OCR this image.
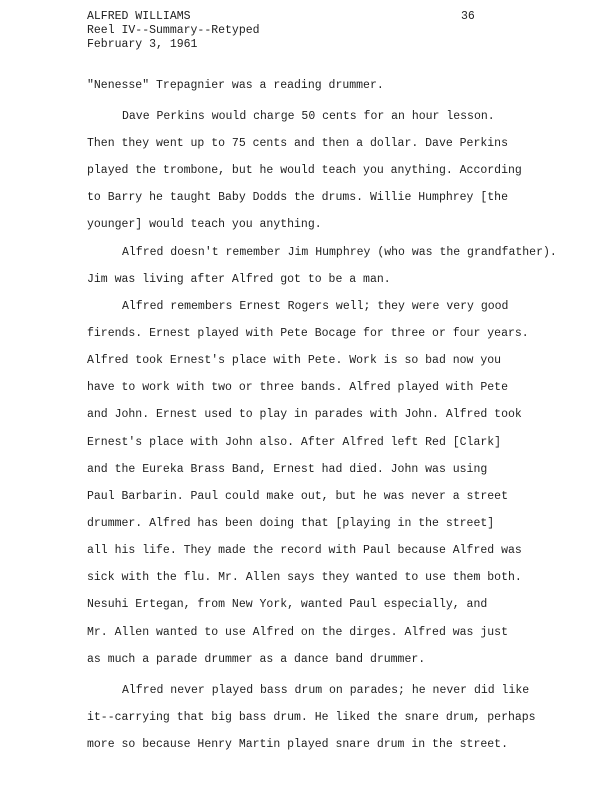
ALFRED WILLIAMS
Reel IV--Summary--Retyped
February 3, 1961
36
"Nenesse" Trepagnier was a reading drummer.
Dave Perkins would charge 50 cents for an hour lesson.
Then they went up to 75 cents and then a dollar. Dave Perkins
played the trombone, but he would teach you anything. According
to Barry he taught Baby Dodds the drums. Willie Humphrey [the
younger] would teach you anything.
Alfred doesn't remember Jim Humphrey (who was the grandfather).
Jim was living after Alfred got to be a man.
Alfred remembers Ernest Rogers well; they were very good
firends. Ernest played with Pete Bocage for three or four years.
Alfred took Ernest's place with Pete. Work is so bad now you
have to work with two or three bands. Alfred played with Pete
and John. Ernest used to play in parades with John. Alfred took
Ernest's place with John also. After Alfred left Red [Clark]
and the Eureka Brass Band, Ernest had died. John was using
Paul Barbarin. Paul could make out, but he was never a street
drummer. Alfred has been doing that [playing in the street]
all his life. They made the record with Paul because Alfred was
sick with the flu. Mr. Allen says they wanted to use them both.
Nesuhi Ertegan, from New York, wanted Paul especially, and
Mr. Allen wanted to use Alfred on the dirges. Alfred was just
as much a parade drummer as a dance band drummer.
Alfred never played bass drum on parades; he never did like
it--carrying that big bass drum. He liked the snare drum, perhaps
more so because Henry Martin played snare drum in the street.
